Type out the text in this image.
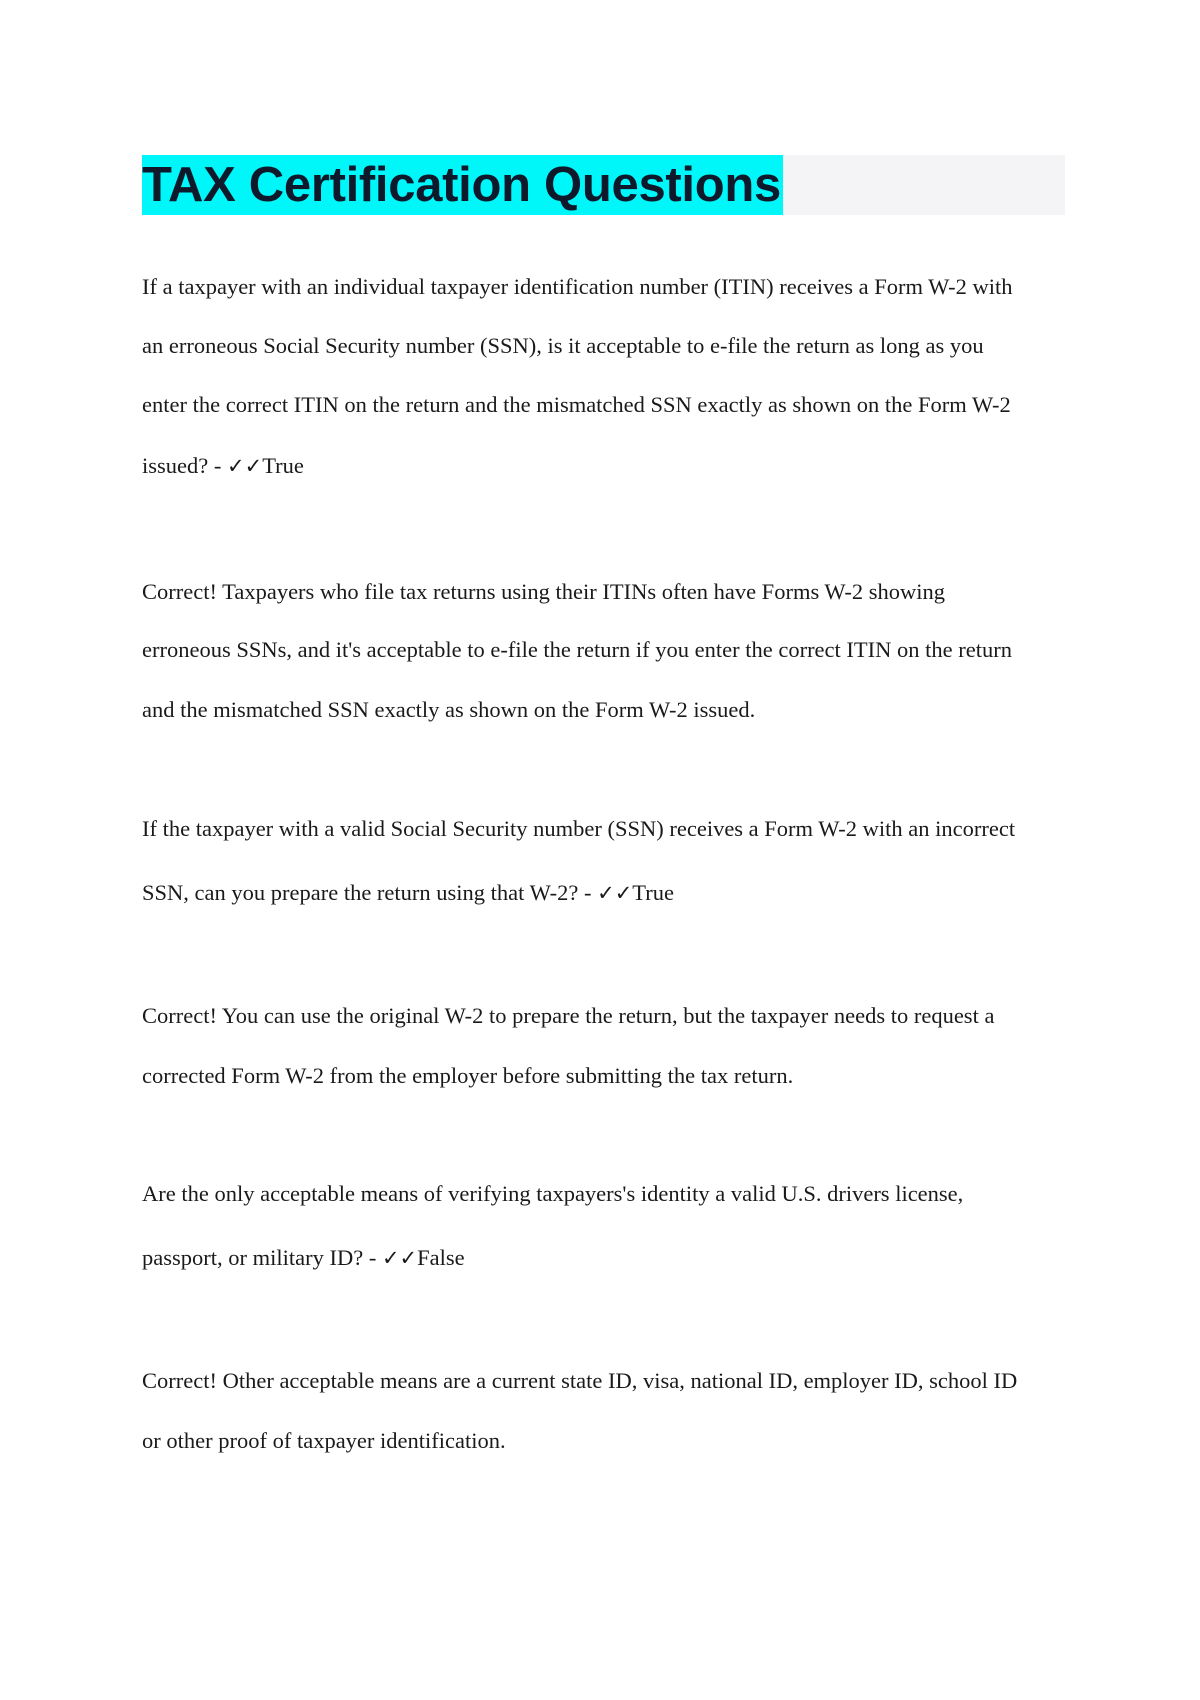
TAX Certification Questions
If a taxpayer with an individual taxpayer identification number (ITIN) receives a Form W-2 with
an erroneous Social Security number (SSN), is it acceptable to e-file the return as long as you
enter the correct ITIN on the return and the mismatched SSN exactly as shown on the Form W-2
issued? - ✓✓True
Correct! Taxpayers who file tax returns using their ITINs often have Forms W-2 showing
erroneous SSNs, and it's acceptable to e-file the return if you enter the correct ITIN on the return
and the mismatched SSN exactly as shown on the Form W-2 issued.
If the taxpayer with a valid Social Security number (SSN) receives a Form W-2 with an incorrect
SSN, can you prepare the return using that W-2? - ✓✓True
Correct! You can use the original W-2 to prepare the return, but the taxpayer needs to request a
corrected Form W-2 from the employer before submitting the tax return.
Are the only acceptable means of verifying taxpayers's identity a valid U.S. drivers license,
passport, or military ID? - ✓✓False
Correct! Other acceptable means are a current state ID, visa, national ID, employer ID, school ID
or other proof of taxpayer identification.
